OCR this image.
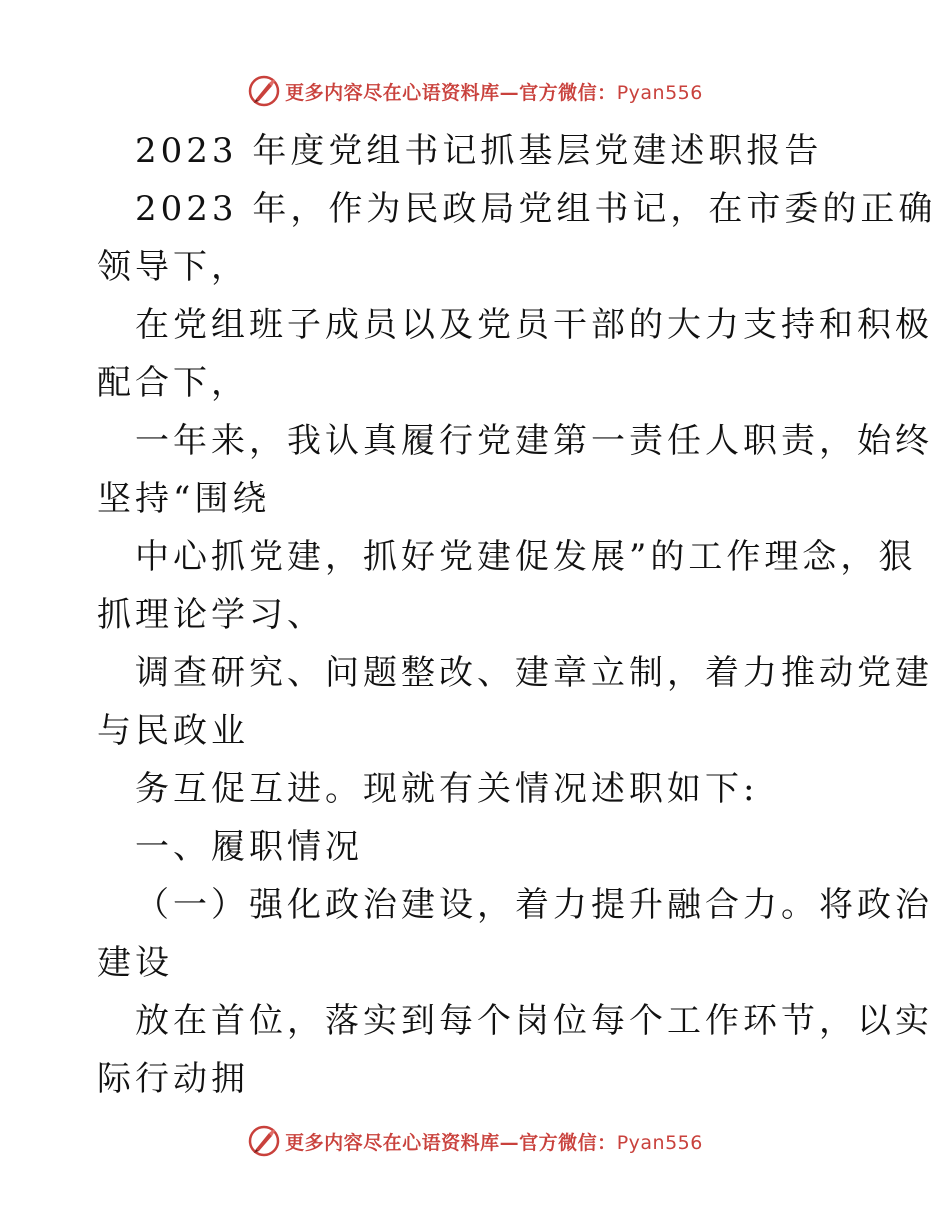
更多内容尽在心语资料库—官方微信：Pyan556
2023 年度党组书记抓基层党建述职报告
2023 年，作为民政局党组书记，在市委的正确
领导下，
在党组班子成员以及党员干部的大力支持和积极
配合下，
一年来，我认真履行党建第一责任人职责，始终
坚持“围绕
中心抓党建，抓好党建促发展”的工作理念，狠
抓理论学习、
调查研究、问题整改、建章立制，着力推动党建
与民政业
务互促互进。现就有关情况述职如下:
一、履职情况
（一）强化政治建设，着力提升融合力。将政治
建设
放在首位，落实到每个岗位每个工作环节，以实
际行动拥
更多内容尽在心语资料库—官方微信：Pyan556
